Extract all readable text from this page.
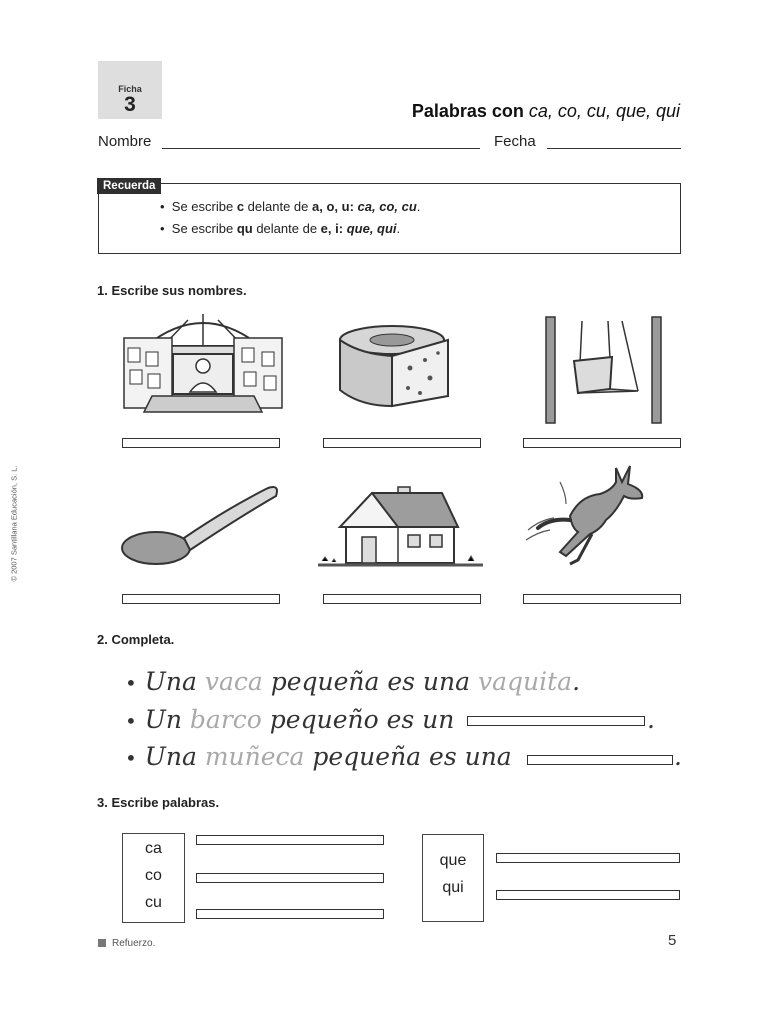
Ficha
3	Palabras con ca, co, cu, que, qui
Nombre	Fecha
Recuerda
•  Se escribe c delante de a, o, u: ca, co, cu.
•  Se escribe qu delante de e, i: que, qui.
1. Escribe sus nombres.
2. Completa.
• Una vaca pequeña es una vaquita.
• Un barco pequeño es un	.
• Una muñeca pequeña es una	.
3. Escribe palabras.
ca
co
cu
que
qui
Refuerzo.	5
© 2007 Santillana Educación, S. L.
